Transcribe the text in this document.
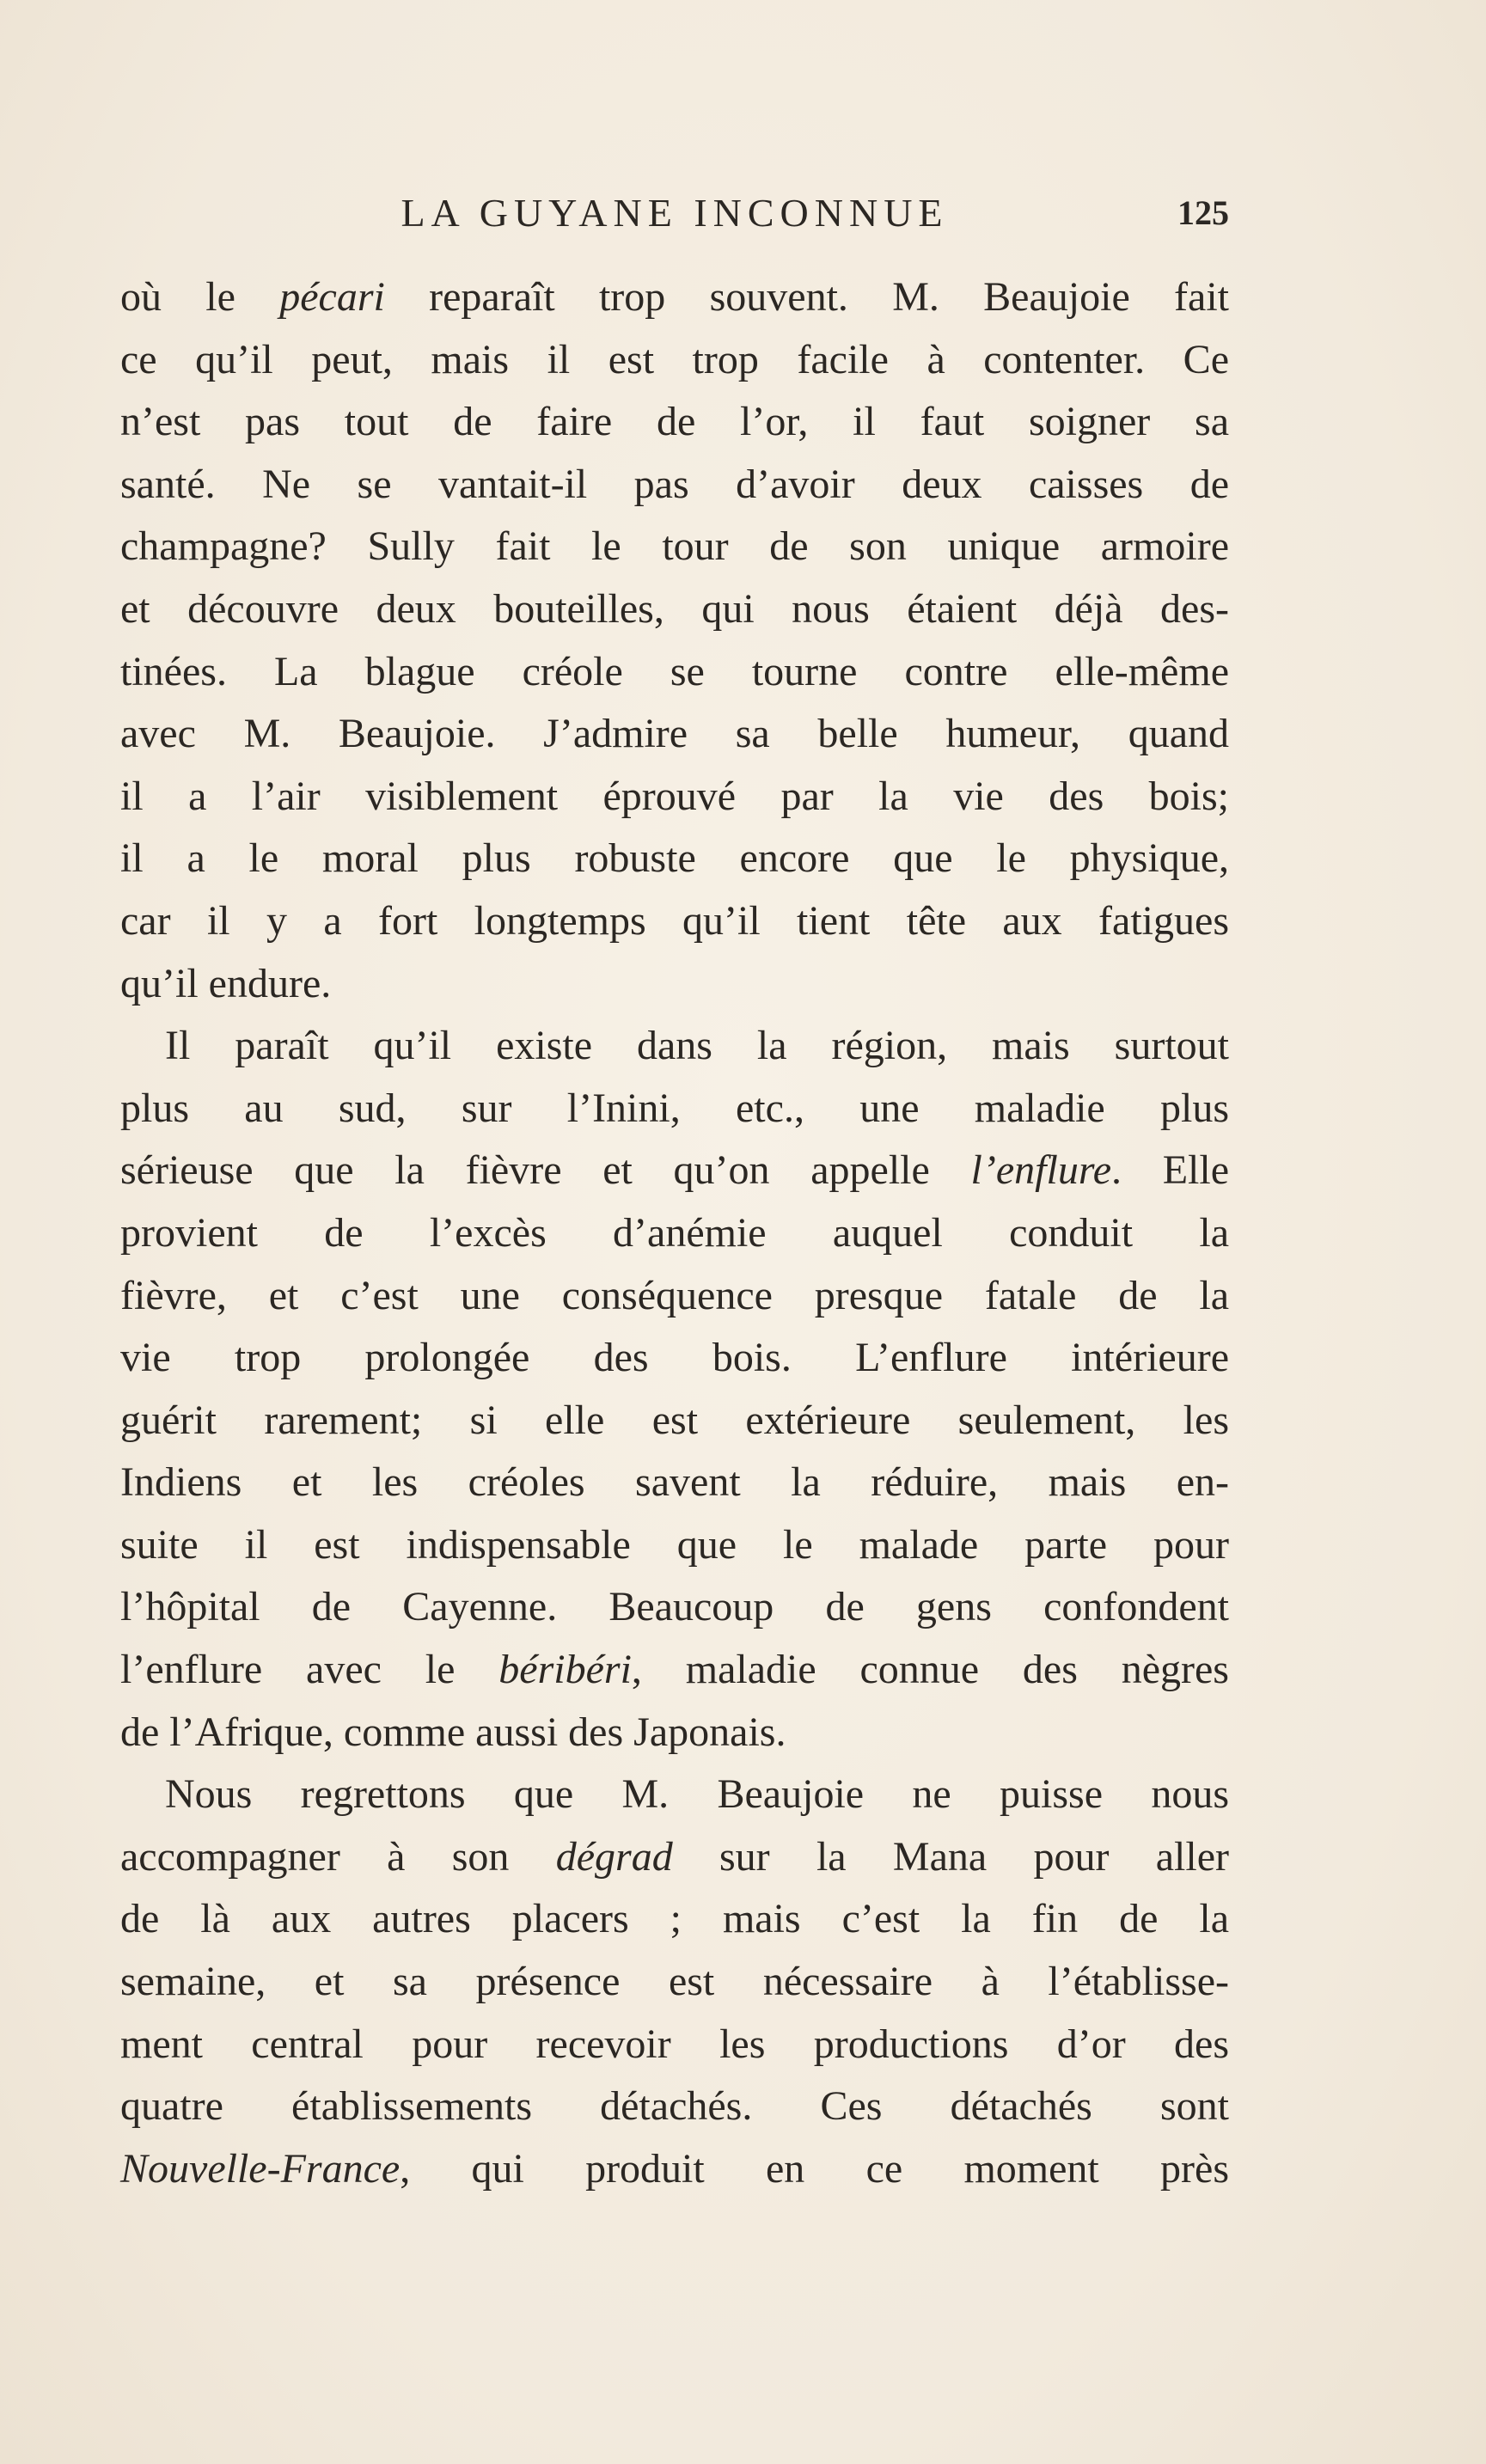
LA GUYANE INCONNUE	125
où le pécari reparaît trop souvent. M. Beaujoie fait
ce qu’il peut, mais il est trop facile à contenter. Ce
n’est pas tout de faire de l’or, il faut soigner sa
santé. Ne se vantait-il pas d’avoir deux caisses de
champagne? Sully fait le tour de son unique armoire
et découvre deux bouteilles, qui nous étaient déjà des-
tinées. La blague créole se tourne contre elle-même
avec M. Beaujoie. J’admire sa belle humeur, quand
il a l’air visiblement éprouvé par la vie des bois;
il a le moral plus robuste encore que le physique,
car il y a fort longtemps qu’il tient tête aux fatigues
qu’il endure.
Il paraît qu’il existe dans la région, mais surtout
plus au sud, sur l’Inini, etc., une maladie plus
sérieuse que la fièvre et qu’on appelle l’enflure. Elle
provient de l’excès d’anémie auquel conduit la
fièvre, et c’est une conséquence presque fatale de la
vie trop prolongée des bois. L’enflure intérieure
guérit rarement; si elle est extérieure seulement, les
Indiens et les créoles savent la réduire, mais en-
suite il est indispensable que le malade parte pour
l’hôpital de Cayenne. Beaucoup de gens confondent
l’enflure avec le béribéri, maladie connue des nègres
de l’Afrique, comme aussi des Japonais.
Nous regrettons que M. Beaujoie ne puisse nous
accompagner à son dégrad sur la Mana pour aller
de là aux autres placers ; mais c’est la fin de la
semaine, et sa présence est nécessaire à l’établisse-
ment central pour recevoir les productions d’or des
quatre établissements détachés. Ces détachés sont
Nouvelle-France, qui produit en ce moment près
